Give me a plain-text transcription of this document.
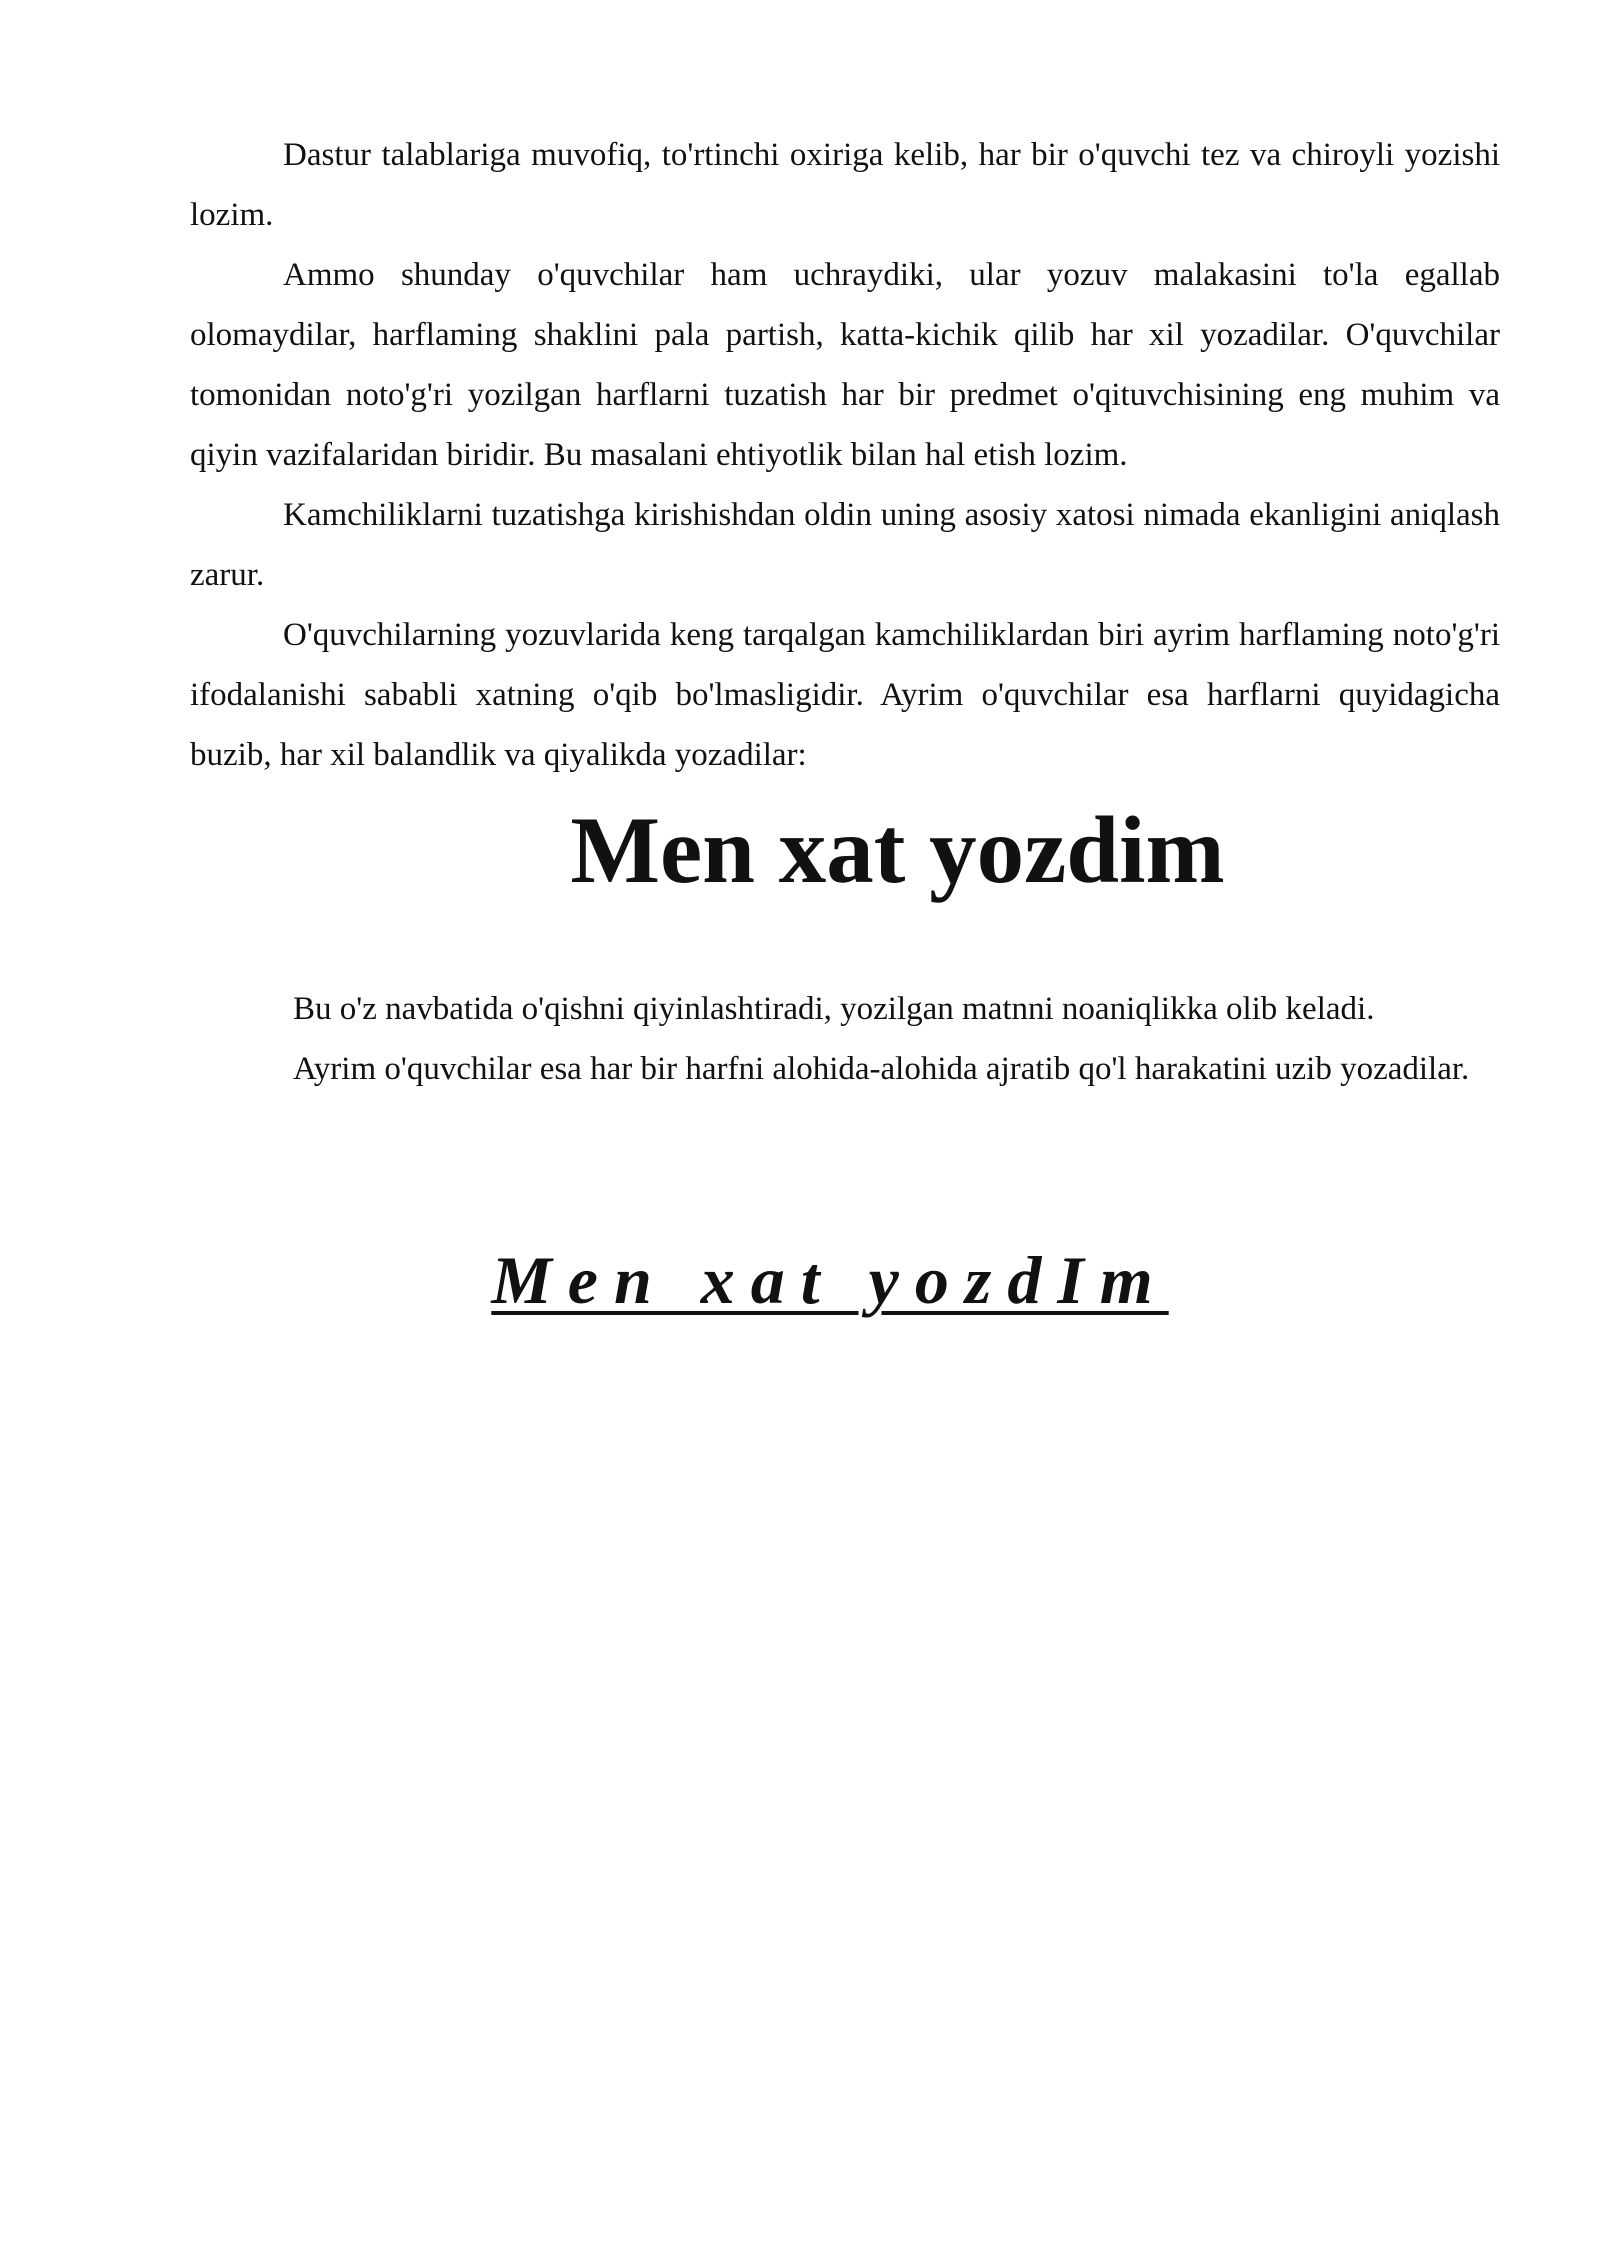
Dastur talablariga muvofiq, to'rtinchi oxiriga kelib, har bir o'quvchi tez va chiroyli yozishi lozim.

Ammo shunday o'quvchilar ham uchraydiki, ular yozuv malakasini to'la egallab olomaydilar, harflaming shaklini pala partish, katta-kichik qilib har xil yozadilar. O'quvchilar tomonidan noto'g'ri yozilgan harflarni tuzatish har bir predmet o'qituvchisining eng muhim va qiyin vazifalaridan biridir. Bu masalani ehtiyotlik bilan hal etish lozim.

Kamchiliklarni tuzatishga kirishishdan oldin uning asosiy xatosi nimada ekanligini aniqlash zarur.

O'quvchilarning yozuvlarida keng tarqalgan kamchiliklardan biri ayrim harflaming noto'g'ri ifodalanishi sababli xatning o'qib bo'lmasligidir. Ayrim o'quvchilar esa harflarni quyidagicha buzib, har xil balandlik va qiyalikda yozadilar:

Men xat yozdim

Bu o'z navbatida o'qishni qiyinlashtiradi, yozilgan matnni noaniqlikka olib keladi.

Ayrim o'quvchilar esa har bir harfni alohida-alohida ajratib qo'l harakatini uzib yozadilar.

Men xat yozdIm
